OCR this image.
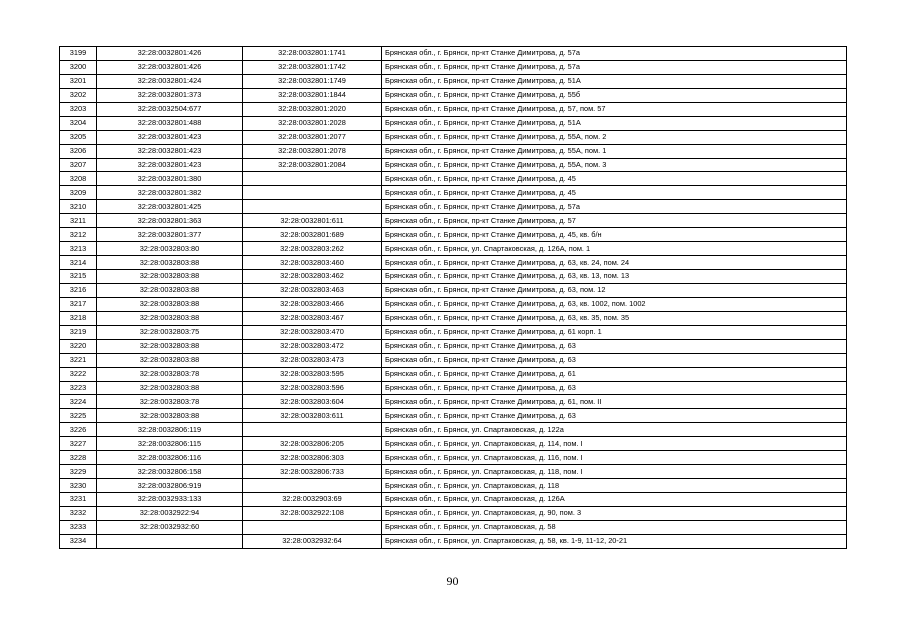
3199	32:28:0032801:426	32:28:0032801:1741	Брянская обл., г. Брянск, пр-кт Станке Димитрова, д. 57а
3200	32:28:0032801:426	32:28:0032801:1742	Брянская обл., г. Брянск, пр-кт Станке Димитрова, д. 57а
3201	32:28:0032801:424	32:28:0032801:1749	Брянская обл., г. Брянск, пр-кт Станке Димитрова, д. 51А
3202	32:28:0032801:373	32:28:0032801:1844	Брянская обл., г. Брянск, пр-кт Станке Димитрова, д. 55б
3203	32:28:0032504:677	32:28:0032801:2020	Брянская обл., г. Брянск, пр-кт Станке Димитрова, д. 57, пом. 57
3204	32:28:0032801:488	32:28:0032801:2028	Брянская обл., г. Брянск, пр-кт Станке Димитрова, д. 51А
3205	32:28:0032801:423	32:28:0032801:2077	Брянская обл., г. Брянск, пр-кт Станке Димитрова, д. 55А, пом. 2
3206	32:28:0032801:423	32:28:0032801:2078	Брянская обл., г. Брянск, пр-кт Станке Димитрова, д. 55А, пом. 1
3207	32:28:0032801:423	32:28:0032801:2084	Брянская обл., г. Брянск, пр-кт Станке Димитрова, д. 55А, пом. 3
3208	32:28:0032801:380		Брянская обл., г. Брянск, пр-кт Станке Димитрова, д. 45
3209	32:28:0032801:382		Брянская обл., г. Брянск, пр-кт Станке Димитрова, д. 45
3210	32:28:0032801:425		Брянская обл., г. Брянск, пр-кт Станке Димитрова, д. 57а
3211	32:28:0032801:363	32:28:0032801:611	Брянская обл., г. Брянск, пр-кт Станке Димитрова, д. 57
3212	32:28:0032801:377	32:28:0032801:689	Брянская обл., г. Брянск, пр-кт Станке Димитрова, д. 45, кв. б/н
3213	32:28:0032803:80	32:28:0032803:262	Брянская обл., г. Брянск, ул. Спартаковская, д. 126А, пом. 1
3214	32:28:0032803:88	32:28:0032803:460	Брянская обл., г. Брянск, пр-кт Станке Димитрова, д. 63, кв. 24, пом. 24
3215	32:28:0032803:88	32:28:0032803:462	Брянская обл., г. Брянск, пр-кт Станке Димитрова, д. 63, кв. 13, пом. 13
3216	32:28:0032803:88	32:28:0032803:463	Брянская обл., г. Брянск, пр-кт Станке Димитрова, д. 63, пом. 12
3217	32:28:0032803:88	32:28:0032803:466	Брянская обл., г. Брянск, пр-кт Станке Димитрова, д. 63, кв. 1002, пом. 1002
3218	32:28:0032803:88	32:28:0032803:467	Брянская обл., г. Брянск, пр-кт Станке Димитрова, д. 63, кв. 35, пом. 35
3219	32:28:0032803:75	32:28:0032803:470	Брянская обл., г. Брянск, пр-кт Станке Димитрова, д. 61 корп. 1
3220	32:28:0032803:88	32:28:0032803:472	Брянская обл., г. Брянск, пр-кт Станке Димитрова, д. 63
3221	32:28:0032803:88	32:28:0032803:473	Брянская обл., г. Брянск, пр-кт Станке Димитрова, д. 63
3222	32:28:0032803:78	32:28:0032803:595	Брянская обл., г. Брянск, пр-кт Станке Димитрова, д. 61
3223	32:28:0032803:88	32:28:0032803:596	Брянская обл., г. Брянск, пр-кт Станке Димитрова, д. 63
3224	32:28:0032803:78	32:28:0032803:604	Брянская обл., г. Брянск, пр-кт Станке Димитрова, д. 61, пом. II
3225	32:28:0032803:88	32:28:0032803:611	Брянская обл., г. Брянск, пр-кт Станке Димитрова, д. 63
3226	32:28:0032806:119		Брянская обл., г. Брянск, ул. Спартаковская, д. 122а
3227	32:28:0032806:115	32:28:0032806:205	Брянская обл., г. Брянск, ул. Спартаковская, д. 114, пом. I
3228	32:28:0032806:116	32:28:0032806:303	Брянская обл., г. Брянск, ул. Спартаковская, д. 116, пом. I
3229	32:28:0032806:158	32:28:0032806:733	Брянская обл., г. Брянск, ул. Спартаковская, д. 118, пом. I
3230	32:28:0032806:919		Брянская обл., г. Брянск, ул. Спартаковская, д. 118
3231	32:28:0032933:133	32:28:0032903:69	Брянская обл., г. Брянск, ул. Спартаковская, д. 126А
3232	32:28:0032922:94	32:28:0032922:108	Брянская обл., г. Брянск, ул. Спартаковская, д. 90, пом. 3
3233	32:28:0032932:60		Брянская обл., г. Брянск, ул. Спартаковская, д. 58
3234		32:28:0032932:64	Брянская обл., г. Брянск, ул. Спартаковская, д. 58, кв. 1-9, 11-12, 20-21
90
